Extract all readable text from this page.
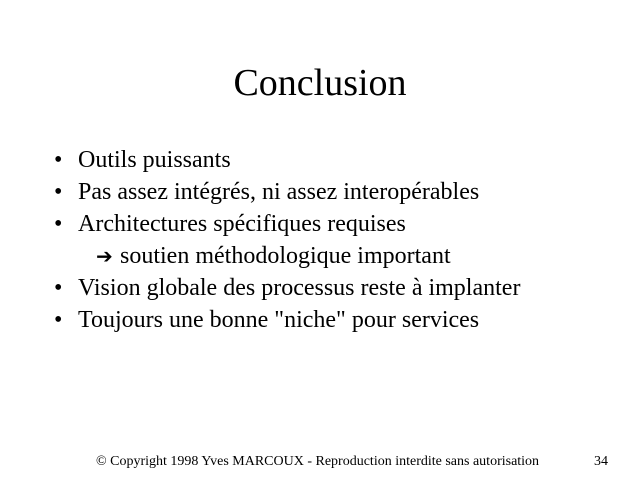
Conclusion
• Outils puissants
• Pas assez intégrés, ni assez interopérables
• Architectures spécifiques requises
➔ soutien méthodologique important
• Vision globale des processus reste à implanter
• Toujours une bonne "niche" pour services
© Copyright 1998 Yves MARCOUX - Reproduction interdite sans autorisation	34
